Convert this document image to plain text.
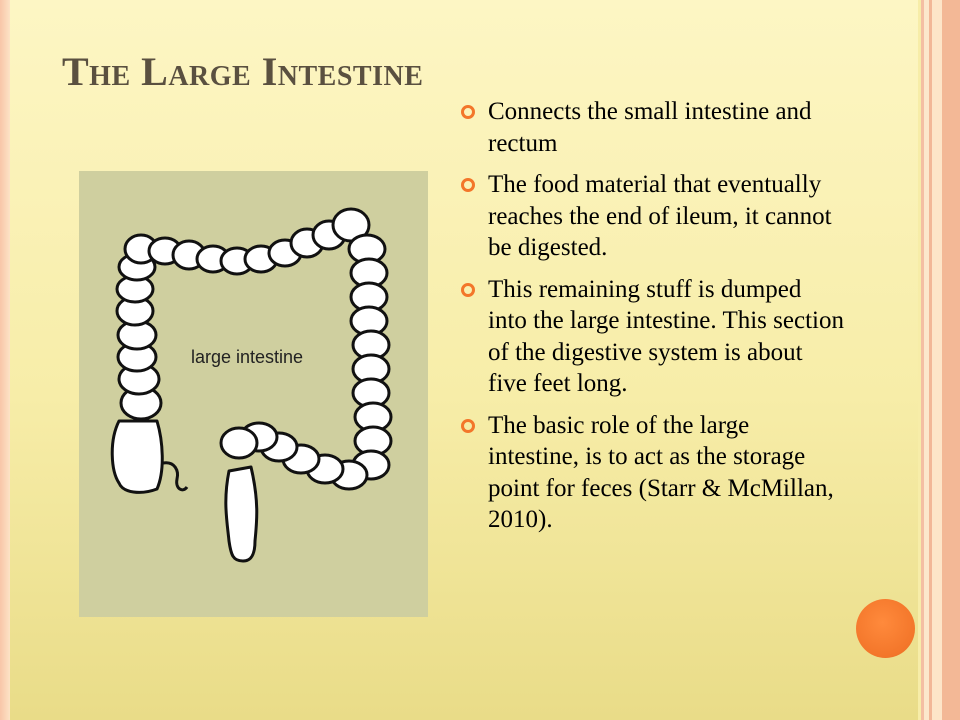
The Large Intestine
large intestine
Connects the small intestine and rectum
The food material that eventually reaches the end of ileum, it cannot be digested.
This remaining stuff is dumped into the large intestine. This section of the digestive system is about five feet long.
The basic role of the large intestine, is to act as the storage point for feces (Starr & McMillan, 2010).
